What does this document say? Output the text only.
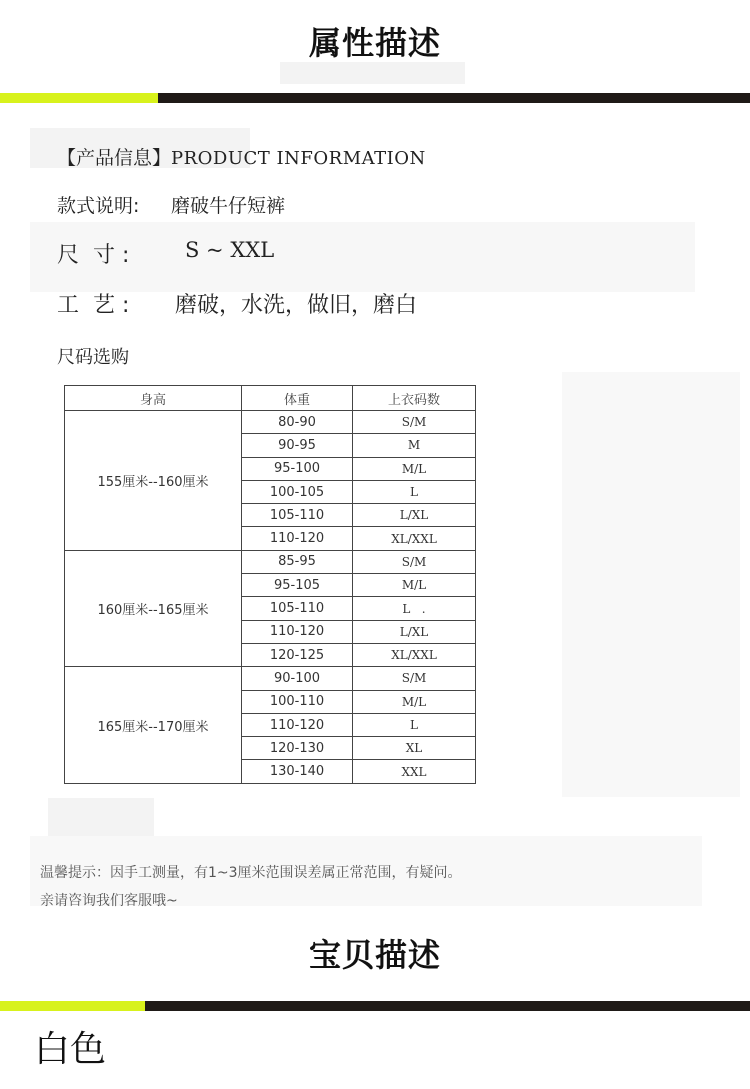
属性描述
【产品信息】PRODUCT INFORMATION
款式说明: 磨破牛仔短裤
尺  寸 :	S ~ XXL
工  艺 : 磨破，水洗，做旧，磨白
尺码选购
身高	体重	上衣码数
155厘米--160厘米	80-90	S/M
	90-95	M
	95-100	M/L
	100-105	L
	105-110	L/XL
	110-120	XL/XXL
160厘米--165厘米	85-95	S/M
	95-105	M/L
	105-110	L   .
	110-120	L/XL
	120-125	XL/XXL
165厘米--170厘米	90-100	S/M
	100-110	M/L
	110-120	L
	120-130	XL
	130-140	XXL
温馨提示：因手工测量，有1~3厘米范围误差属正常范围，有疑问。
亲请咨询我们客服哦~
宝贝描述
白色
